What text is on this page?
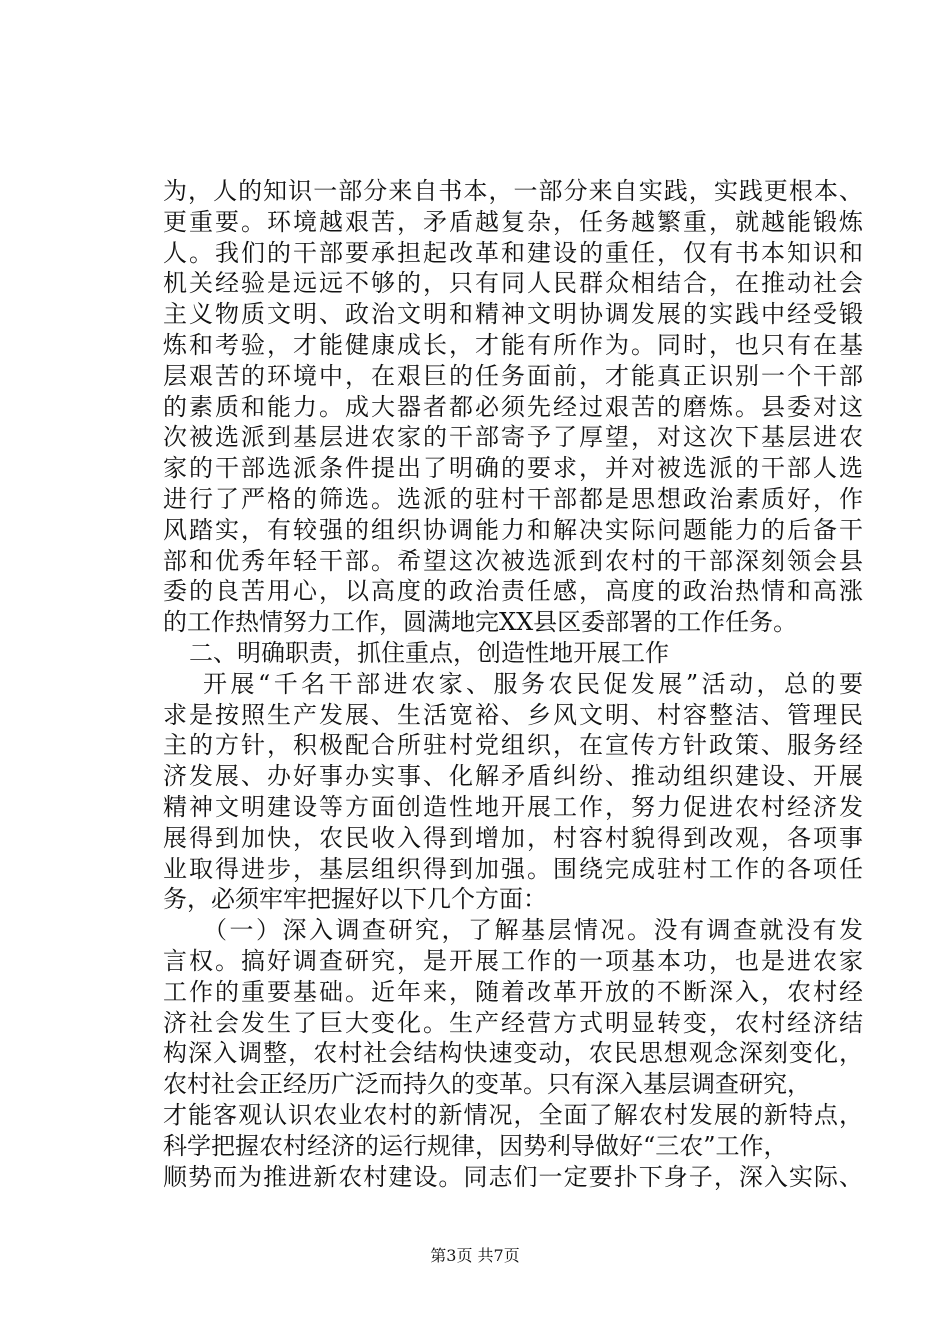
为，人的知识一部分来自书本，一部分来自实践，实践更根本、
更重要。环境越艰苦，矛盾越复杂，任务越繁重，就越能锻炼
人。我们的干部要承担起改革和建设的重任，仅有书本知识和
机关经验是远远不够的，只有同人民群众相结合，在推动社会
主义物质文明、政治文明和精神文明协调发展的实践中经受锻
炼和考验，才能健康成长，才能有所作为。同时，也只有在基
层艰苦的环境中，在艰巨的任务面前，才能真正识别一个干部
的素质和能力。成大器者都必须先经过艰苦的磨炼。县委对这
次被选派到基层进农家的干部寄予了厚望，对这次下基层进农
家的干部选派条件提出了明确的要求，并对被选派的干部人选
进行了严格的筛选。选派的驻村干部都是思想政治素质好，作
风踏实，有较强的组织协调能力和解决实际问题能力的后备干
部和优秀年轻干部。希望这次被选派到农村的干部深刻领会县
委的良苦用心，以高度的政治责任感，高度的政治热情和高涨
的工作热情努力工作，圆满地完XX县区委部署的工作任务。
二、明确职责，抓住重点，创造性地开展工作
开展“千名干部进农家、服务农民促发展”活动，总的要
求是按照生产发展、生活宽裕、乡风文明、村容整洁、管理民
主的方针，积极配合所驻村党组织，在宣传方针政策、服务经
济发展、办好事办实事、化解矛盾纠纷、推动组织建设、开展
精神文明建设等方面创造性地开展工作，努力促进农村经济发
展得到加快，农民收入得到增加，村容村貌得到改观，各项事
业取得进步，基层组织得到加强。围绕完成驻村工作的各项任
务，必须牢牢把握好以下几个方面：
（一）深入调查研究，了解基层情况。没有调查就没有发
言权。搞好调查研究，是开展工作的一项基本功，也是进农家
工作的重要基础。近年来，随着改革开放的不断深入，农村经
济社会发生了巨大变化。生产经营方式明显转变，农村经济结
构深入调整，农村社会结构快速变动，农民思想观念深刻变化，
农村社会正经历广泛而持久的变革。只有深入基层调查研究，
才能客观认识农业农村的新情况，全面了解农村发展的新特点，
科学把握农村经济的运行规律，因势利导做好“三农”工作，
顺势而为推进新农村建设。同志们一定要扑下身子，深入实际、
第3页 共7页
